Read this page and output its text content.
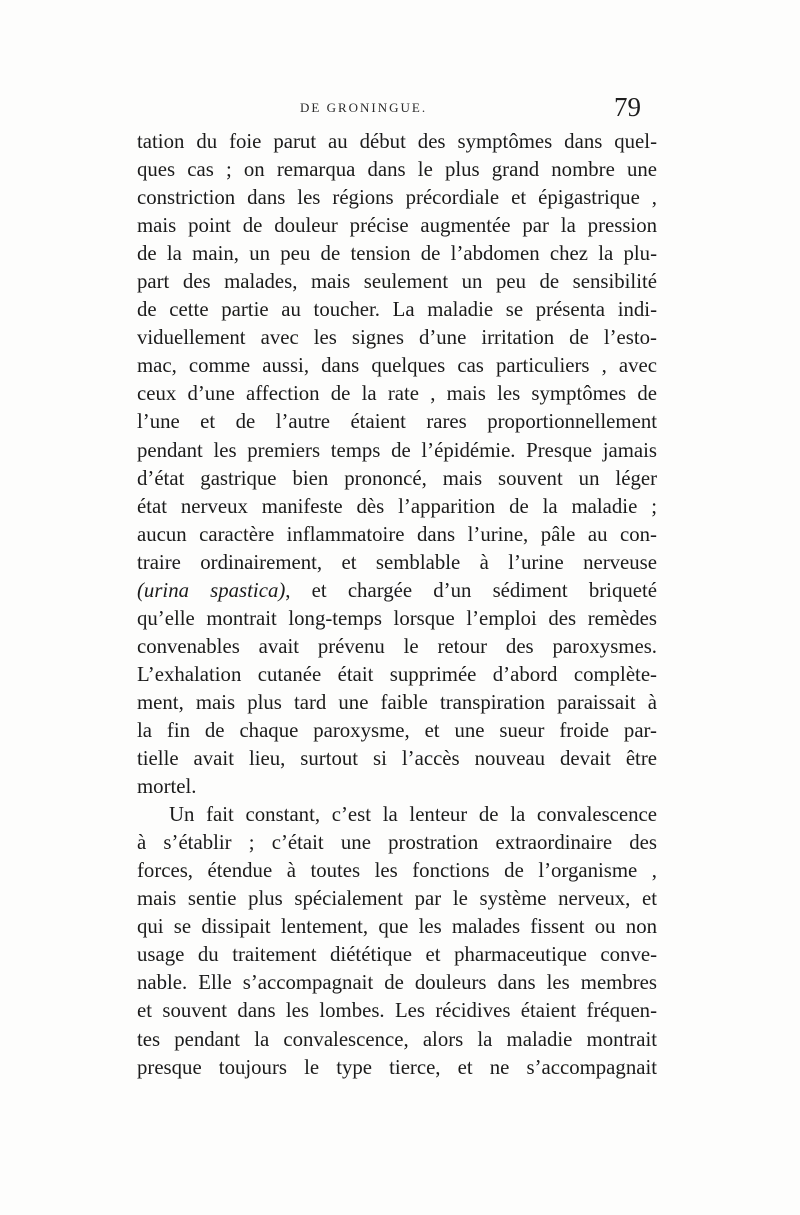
DE GRONINGUE.	79
tation du foie parut au début des symptômes dans quel-
ques cas ; on remarqua dans le plus grand nombre une
constriction dans les régions précordiale et épigastrique ,
mais point de douleur précise augmentée par la pression
de la main, un peu de tension de l’abdomen chez la plu-
part des malades, mais seulement un peu de sensibilité
de cette partie au toucher. La maladie se présenta indi-
viduellement avec les signes d’une irritation de l’esto-
mac, comme aussi, dans quelques cas particuliers , avec
ceux d’une affection de la rate , mais les symptômes de
l’une et de l’autre étaient rares proportionnellement
pendant les premiers temps de l’épidémie. Presque jamais
d’état gastrique bien prononcé, mais souvent un léger
état nerveux manifeste dès l’apparition de la maladie ;
aucun caractère inflammatoire dans l’urine, pâle au con-
traire ordinairement, et semblable à l’urine nerveuse
(urina spastica), et chargée d’un sédiment briqueté
qu’elle montrait long-temps lorsque l’emploi des remèdes
convenables avait prévenu le retour des paroxysmes.
L’exhalation cutanée était supprimée d’abord complète-
ment, mais plus tard une faible transpiration paraissait à
la fin de chaque paroxysme, et une sueur froide par-
tielle avait lieu, surtout si l’accès nouveau devait être
mortel.
Un fait constant, c’est la lenteur de la convalescence
à s’établir ; c’était une prostration extraordinaire des
forces, étendue à toutes les fonctions de l’organisme ,
mais sentie plus spécialement par le système nerveux, et
qui se dissipait lentement, que les malades fissent ou non
usage du traitement diététique et pharmaceutique conve-
nable. Elle s’accompagnait de douleurs dans les membres
et souvent dans les lombes. Les récidives étaient fréquen-
tes pendant la convalescence, alors la maladie montrait
presque toujours le type tierce, et ne s’accompagnait
